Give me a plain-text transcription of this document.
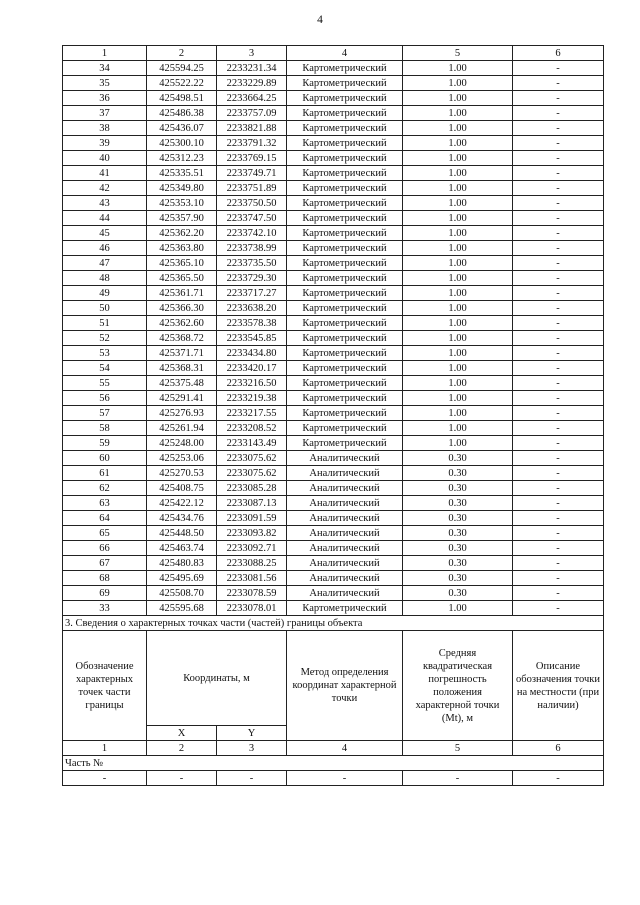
4
1	2	3	4	5	6
34	425594.25	2233231.34	Картометрический	1.00	-
35	425522.22	2233229.89	Картометрический	1.00	-
36	425498.51	2233664.25	Картометрический	1.00	-
37	425486.38	2233757.09	Картометрический	1.00	-
38	425436.07	2233821.88	Картометрический	1.00	-
39	425300.10	2233791.32	Картометрический	1.00	-
40	425312.23	2233769.15	Картометрический	1.00	-
41	425335.51	2233749.71	Картометрический	1.00	-
42	425349.80	2233751.89	Картометрический	1.00	-
43	425353.10	2233750.50	Картометрический	1.00	-
44	425357.90	2233747.50	Картометрический	1.00	-
45	425362.20	2233742.10	Картометрический	1.00	-
46	425363.80	2233738.99	Картометрический	1.00	-
47	425365.10	2233735.50	Картометрический	1.00	-
48	425365.50	2233729.30	Картометрический	1.00	-
49	425361.71	2233717.27	Картометрический	1.00	-
50	425366.30	2233638.20	Картометрический	1.00	-
51	425362.60	2233578.38	Картометрический	1.00	-
52	425368.72	2233545.85	Картометрический	1.00	-
53	425371.71	2233434.80	Картометрический	1.00	-
54	425368.31	2233420.17	Картометрический	1.00	-
55	425375.48	2233216.50	Картометрический	1.00	-
56	425291.41	2233219.38	Картометрический	1.00	-
57	425276.93	2233217.55	Картометрический	1.00	-
58	425261.94	2233208.52	Картометрический	1.00	-
59	425248.00	2233143.49	Картометрический	1.00	-
60	425253.06	2233075.62	Аналитический	0.30	-
61	425270.53	2233075.62	Аналитический	0.30	-
62	425408.75	2233085.28	Аналитический	0.30	-
63	425422.12	2233087.13	Аналитический	0.30	-
64	425434.76	2233091.59	Аналитический	0.30	-
65	425448.50	2233093.82	Аналитический	0.30	-
66	425463.74	2233092.71	Аналитический	0.30	-
67	425480.83	2233088.25	Аналитический	0.30	-
68	425495.69	2233081.56	Аналитический	0.30	-
69	425508.70	2233078.59	Аналитический	0.30	-
33	425595.68	2233078.01	Картометрический	1.00	-
3. Сведения о характерных точках части (частей) границы объекта					
Обозначение характерных точек части границы	Координаты, м		Метод определения координат характерной точки	Средняя квадратическая погрешность положения характерной точки (Mt), м	Описание обозначения точки на местности (при наличии)
	X	Y			
1	2	3	4	5	6
Часть №					
-	-	-	-	-	-
